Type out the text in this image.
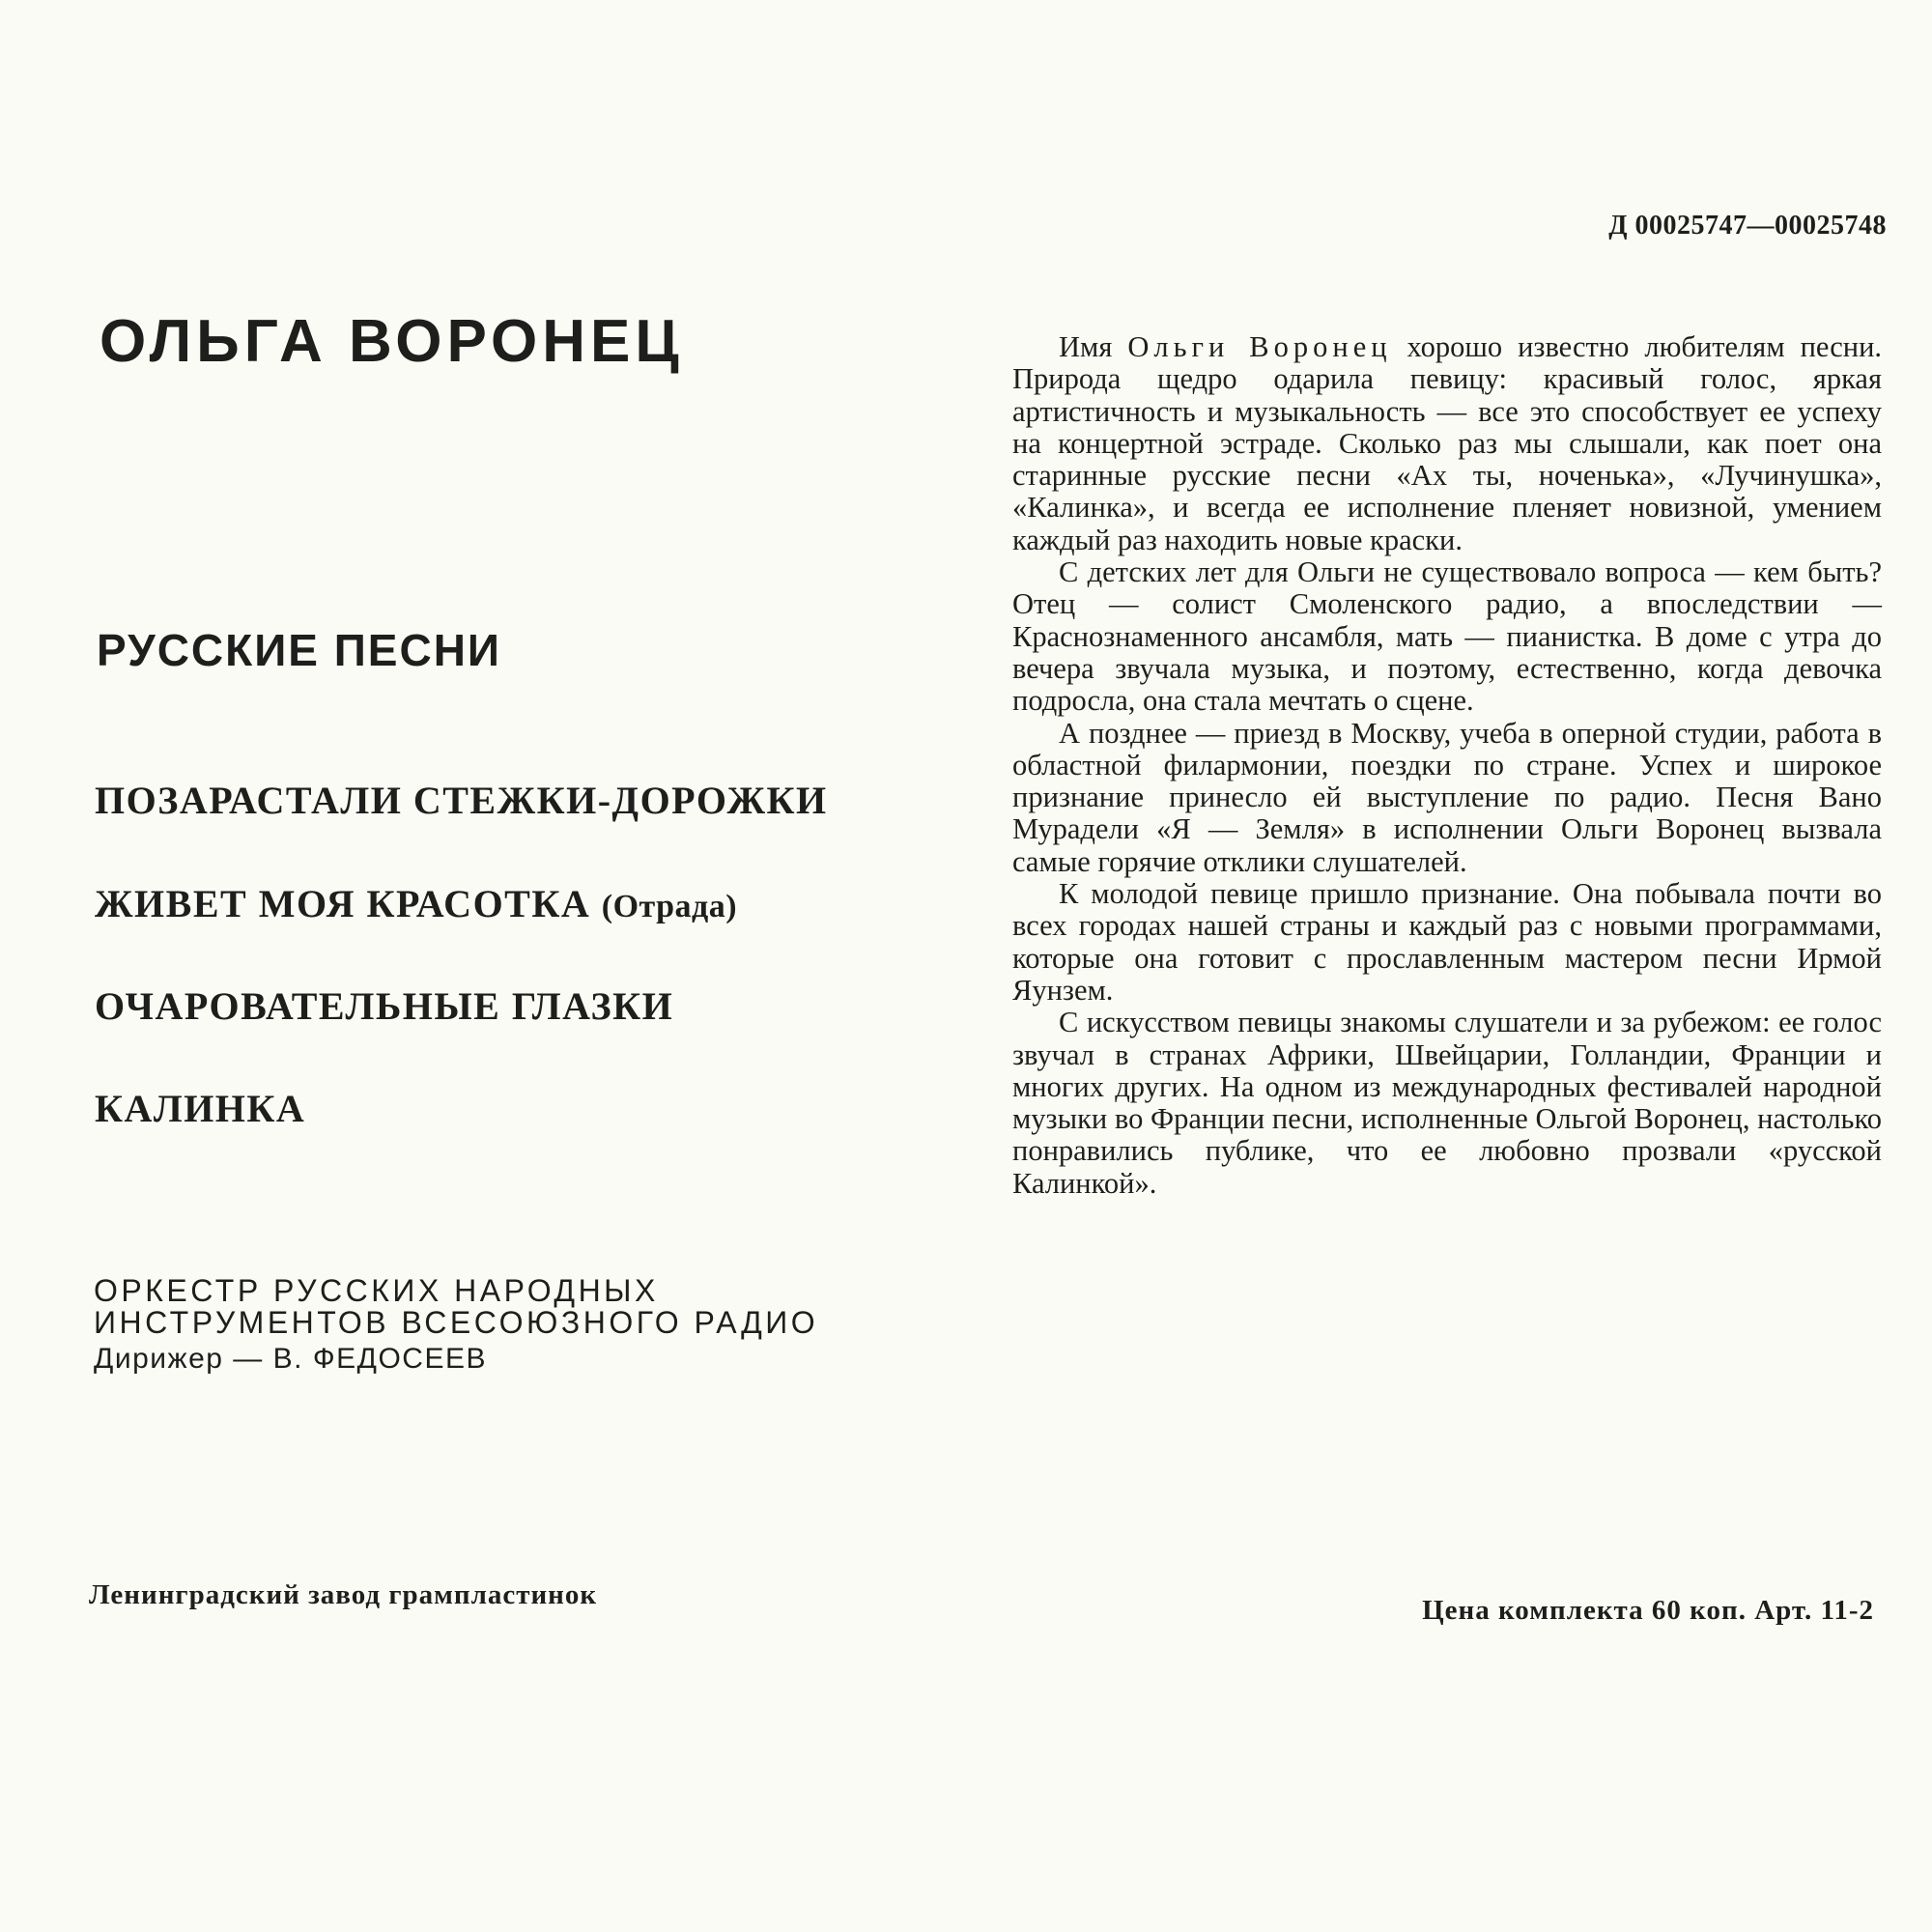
Д 00025747—00025748
ОЛЬГА ВОРОНЕЦ
РУССКИЕ ПЕСНИ
ПОЗАРАСТАЛИ СТЕЖКИ-ДОРОЖКИ
ЖИВЕТ МОЯ КРАСОТКА (Отрада)
ОЧАРОВАТЕЛЬНЫЕ ГЛАЗКИ
КАЛИНКА
ОРКЕСТР РУССКИХ НАРОДНЫХ
ИНСТРУМЕНТОВ ВСЕСОЮЗНОГО РАДИО
Дирижер — В. ФЕДОСЕЕВ

Имя Ольги Воронец хорошо известно любителям песни. Природа щедро одарила певицу: красивый голос, яркая артистичность и музыкальность — все это способствует ее успеху на концертной эстраде. Сколько раз мы слышали, как поет она старинные русские песни «Ах ты, ноченька», «Лучинушка», «Калинка», и всегда ее исполнение пленяет новизной, умением каждый раз находить новые краски.

С детских лет для Ольги не существовало вопроса — кем быть? Отец — солист Смоленского радио, а впоследствии — Краснознаменного ансамбля, мать — пианистка. В доме с утра до вечера звучала музыка, и поэтому, естественно, когда девочка подросла, она стала мечтать о сцене.

А позднее — приезд в Москву, учеба в оперной студии, работа в областной филармонии, поездки по стране. Успех и широкое признание принесло ей выступление по радио. Песня Вано Мурадели «Я — Земля» в исполнении Ольги Воронец вызвала самые горячие отклики слушателей.

К молодой певице пришло признание. Она побывала почти во всех городах нашей страны и каждый раз с новыми программами, которые она готовит с прославленным мастером песни Ирмой Яунзем.

С искусством певицы знакомы слушатели и за рубежом: ее голос звучал в странах Африки, Швейцарии, Голландии, Франции и многих других. На одном из международных фестивалей народной музыки во Франции песни, исполненные Ольгой Воронец, настолько понравились публике, что ее любовно прозвали «русской Калинкой».

Ленинградский завод грампластинок	Цена комплекта 60 коп. Арт. 11-2
